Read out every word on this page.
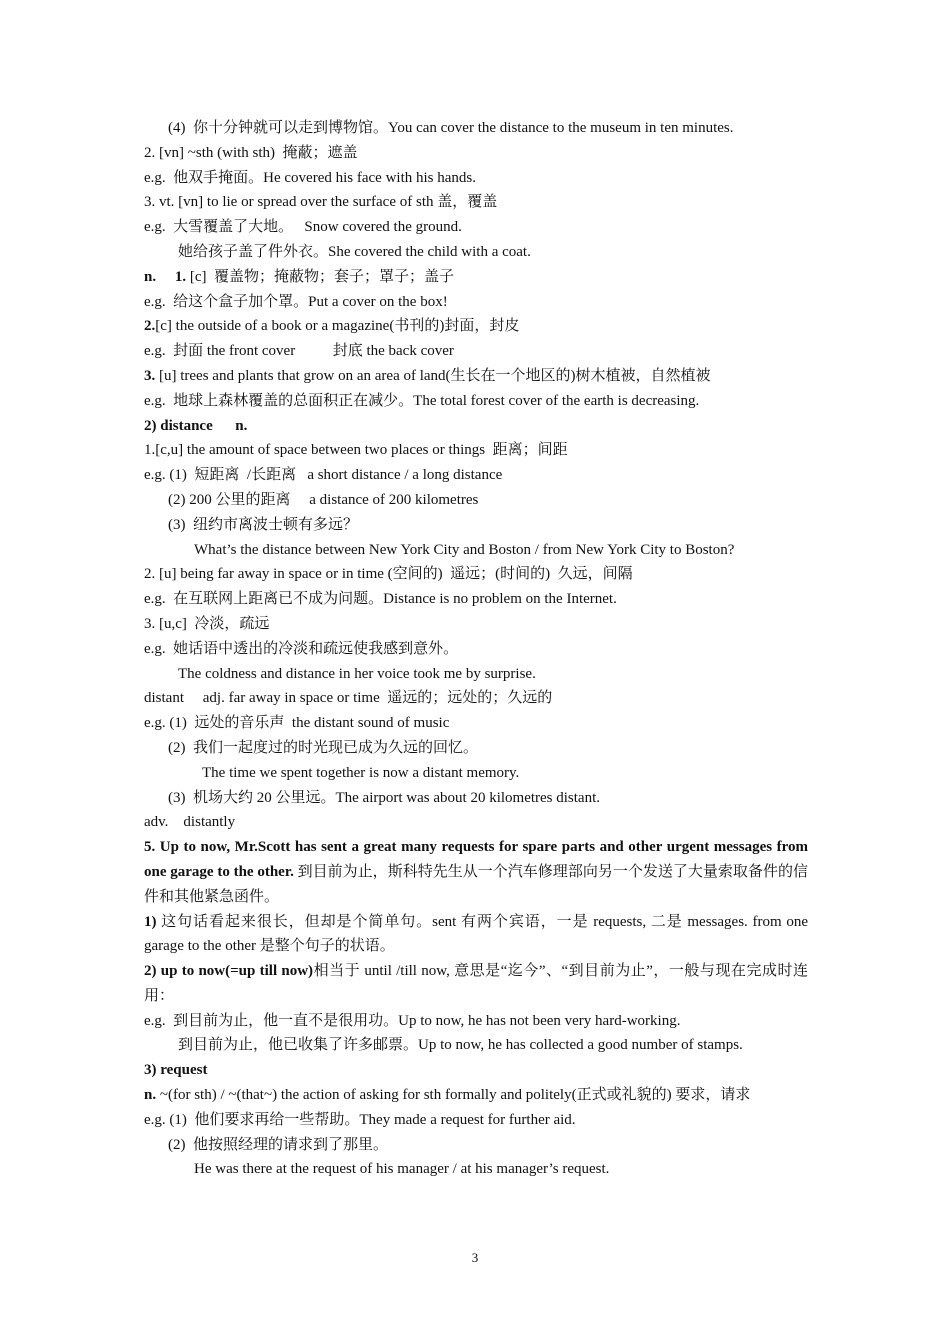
(4)  你十分钟就可以走到博物馆。You can cover the distance to the museum in ten minutes.
2. [vn] ~sth (with sth)  掩蔽；遮盖
e.g.  他双手掩面。He covered his face with his hands.
3. vt. [vn] to lie or spread over the surface of sth 盖，覆盖
e.g.  大雪覆盖了大地。   Snow covered the ground.
她给孩子盖了件外衣。She covered the child with a coat.
n.     1. [c]  覆盖物；掩蔽物；套子；罩子；盖子
e.g.  给这个盒子加个罩。Put a cover on the box!
2.[c] the outside of a book or a magazine(书刊的)封面，封皮
e.g.  封面 the front cover          封底 the back cover
3. [u] trees and plants that grow on an area of land(生长在一个地区的)树木植被，自然植被
e.g.  地球上森林覆盖的总面积正在减少。The total forest cover of the earth is decreasing.
2) distance      n.
1.[c,u] the amount of space between two places or things  距离；间距
e.g. (1)  短距离  /长距离   a short distance / a long distance
(2) 200 公里的距离     a distance of 200 kilometres
(3)  纽约市离波士顿有多远？
What’s the distance between New York City and Boston / from New York City to Boston?
2. [u] being far away in space or in time (空间的)  遥远；(时间的)  久远，间隔
e.g.  在互联网上距离已不成为问题。Distance is no problem on the Internet.
3. [u,c]  冷淡，疏远
e.g.  她话语中透出的冷淡和疏远使我感到意外。
The coldness and distance in her voice took me by surprise.
distant     adj. far away in space or time  遥远的；远处的；久远的
e.g. (1)  远处的音乐声  the distant sound of music
(2)  我们一起度过的时光现已成为久远的回忆。
The time we spent together is now a distant memory.
(3)  机场大约 20 公里远。The airport was about 20 kilometres distant.
adv.    distantly
5. Up to now, Mr.Scott has sent a great many requests for spare parts and other urgent messages from one garage to the other. 到目前为止，斯科特先生从一个汽车修理部向另一个发送了大量索取备件的信件和其他紧急函件。
1) 这句话看起来很长，但却是个简单句。sent 有两个宾语，一是 requests, 二是 messages. from one garage to the other 是整个句子的状语。
2) up to now(=up till now)相当于 until /till now, 意思是“迄今”、“到目前为止”，一般与现在完成时连用：
e.g.  到目前为止，他一直不是很用功。Up to now, he has not been very hard-working.
到目前为止，他已收集了许多邮票。Up to now, he has collected a good number of stamps.
3) request
n. ~(for sth) / ~(that~) the action of asking for sth formally and politely(正式或礼貌的) 要求，请求
e.g. (1)  他们要求再给一些帮助。They made a request for further aid.
(2)  他按照经理的请求到了那里。
He was there at the request of his manager / at his manager’s request.
3
